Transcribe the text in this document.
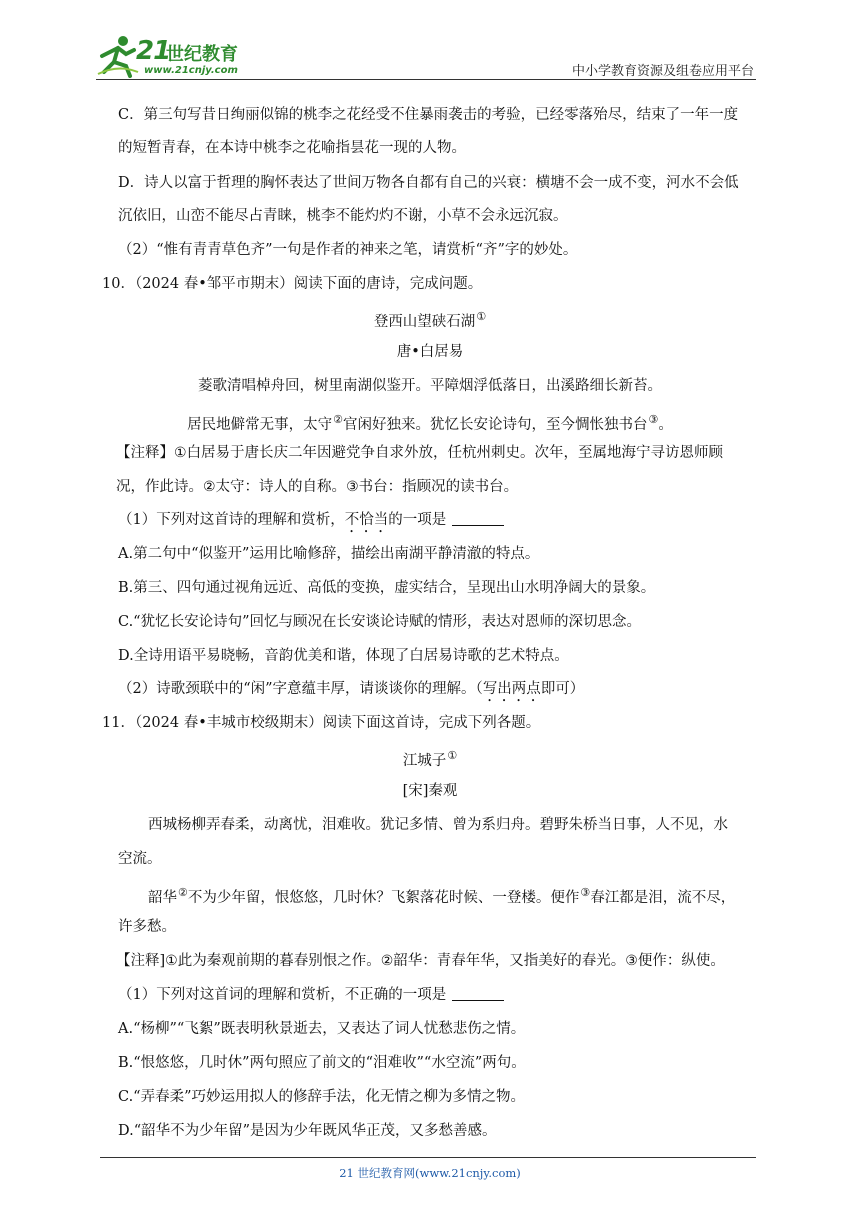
21
世纪教育
www.21cnjy.com	中小学教育资源及组卷应用平台
C．第三句写昔日绚丽似锦的桃李之花经受不住暴雨袭击的考验，已经零落殆尽，结束了一年一度
的短暂青春，在本诗中桃李之花喻指昙花一现的人物。
D．诗人以富于哲理的胸怀表达了世间万物各自都有自己的兴衰：横塘不会一成不变，河水不会低
沉依旧，山峦不能尽占青睐，桃李不能灼灼不谢，小草不会永远沉寂。
（2）“惟有青青草色齐”一句是作者的神来之笔，请赏析“齐”字的妙处。
10．（2024 春•邹平市期末）阅读下面的唐诗，完成问题。
登西山望硖石湖①
唐•白居易
菱歌清唱棹舟回，树里南湖似鉴开。平障烟浮低落日，出溪路细长新苔。
居民地僻常无事，太守②官闲好独来。犹忆长安论诗句，至今惆怅独书台③。
【注释】①白居易于唐长庆二年因避党争自求外放，任杭州刺史。次年，至属地海宁寻访恩师顾
况，作此诗。②太守：诗人的自称。③书台：指顾况的读书台。
（1）下列对这首诗的理解和赏析，不恰当的一项是
A.第二句中“似鉴开”运用比喻修辞，描绘出南湖平静清澈的特点。
B.第三、四句通过视角远近、高低的变换，虚实结合，呈现出山水明净阔大的景象。
C.“犹忆长安论诗句”回忆与顾况在长安谈论诗赋的情形，表达对恩师的深切思念。
D.全诗用语平易晓畅，音韵优美和谐，体现了白居易诗歌的艺术特点。
（2）诗歌颈联中的“闲”字意蕴丰厚，请谈谈你的理解。（写出两点即可）
11．（2024 春•丰城市校级期末）阅读下面这首诗，完成下列各题。
江城子①
[宋]秦观
西城杨柳弄春柔，动离忧，泪难收。犹记多情、曾为系归舟。碧野朱桥当日事，人不见，水
空流。
韶华②不为少年留，恨悠悠，几时休？飞絮落花时候、一登楼。便作③春江都是泪，流不尽，
许多愁。
【注释]①此为秦观前期的暮春别恨之作。②韶华：青春年华，又指美好的春光。③便作：纵使。
（1）下列对这首词的理解和赏析，不正确的一项是
A.“杨柳”“飞絮”既表明秋景逝去，又表达了词人忧愁悲伤之情。
B.“恨悠悠，几时休”两句照应了前文的“泪难收”“水空流”两句。
C.“弄春柔”巧妙运用拟人的修辞手法，化无情之柳为多情之物。
D.“韶华不为少年留”是因为少年既风华正茂，又多愁善感。
21 世纪教育网(www.21cnjy.com)
